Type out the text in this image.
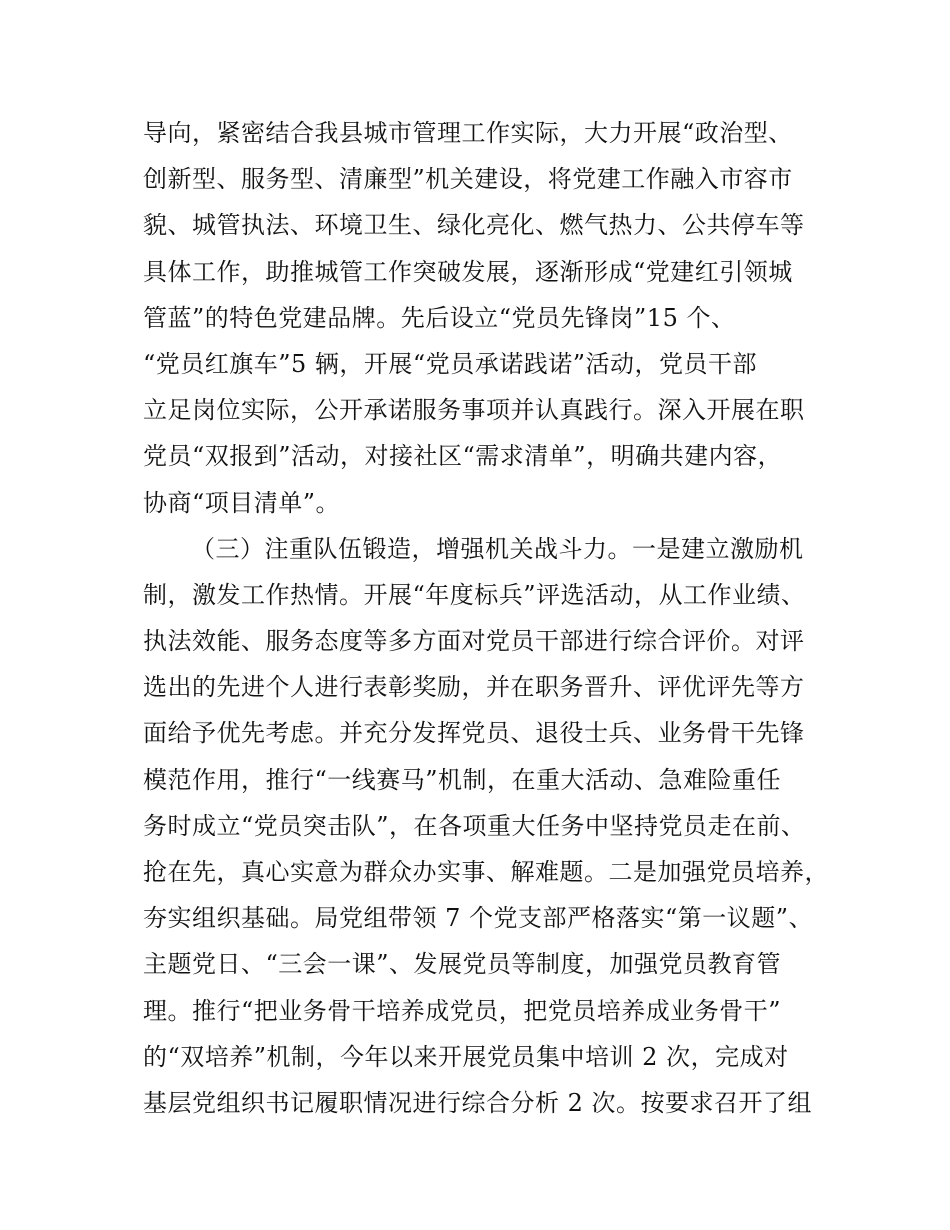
导向，紧密结合我县城市管理工作实际，大力开展“政治型、
创新型、服务型、清廉型”机关建设，将党建工作融入市容市
貌、城管执法、环境卫生、绿化亮化、燃气热力、公共停车等
具体工作，助推城管工作突破发展，逐渐形成“党建红引领城
管蓝”的特色党建品牌。先后设立“党员先锋岗”15 个、
“党员红旗车”5 辆，开展“党员承诺践诺”活动，党员干部
立足岗位实际，公开承诺服务事项并认真践行。深入开展在职
党员“双报到”活动，对接社区“需求清单”，明确共建内容，
协商“项目清单”。
（三）注重队伍锻造，增强机关战斗力。一是建立激励机
制，激发工作热情。开展“年度标兵”评选活动，从工作业绩、
执法效能、服务态度等多方面对党员干部进行综合评价。对评
选出的先进个人进行表彰奖励，并在职务晋升、评优评先等方
面给予优先考虑。并充分发挥党员、退役士兵、业务骨干先锋
模范作用，推行“一线赛马”机制，在重大活动、急难险重任
务时成立“党员突击队”，在各项重大任务中坚持党员走在前、
抢在先，真心实意为群众办实事、解难题。二是加强党员培养，
夯实组织基础。局党组带领 7 个党支部严格落实“第一议题”、
主题党日、“三会一课”、发展党员等制度，加强党员教育管
理。推行“把业务骨干培养成党员，把党员培养成业务骨干”
的“双培养”机制，今年以来开展党员集中培训 2 次，完成对
基层党组织书记履职情况进行综合分析 2 次。按要求召开了组
